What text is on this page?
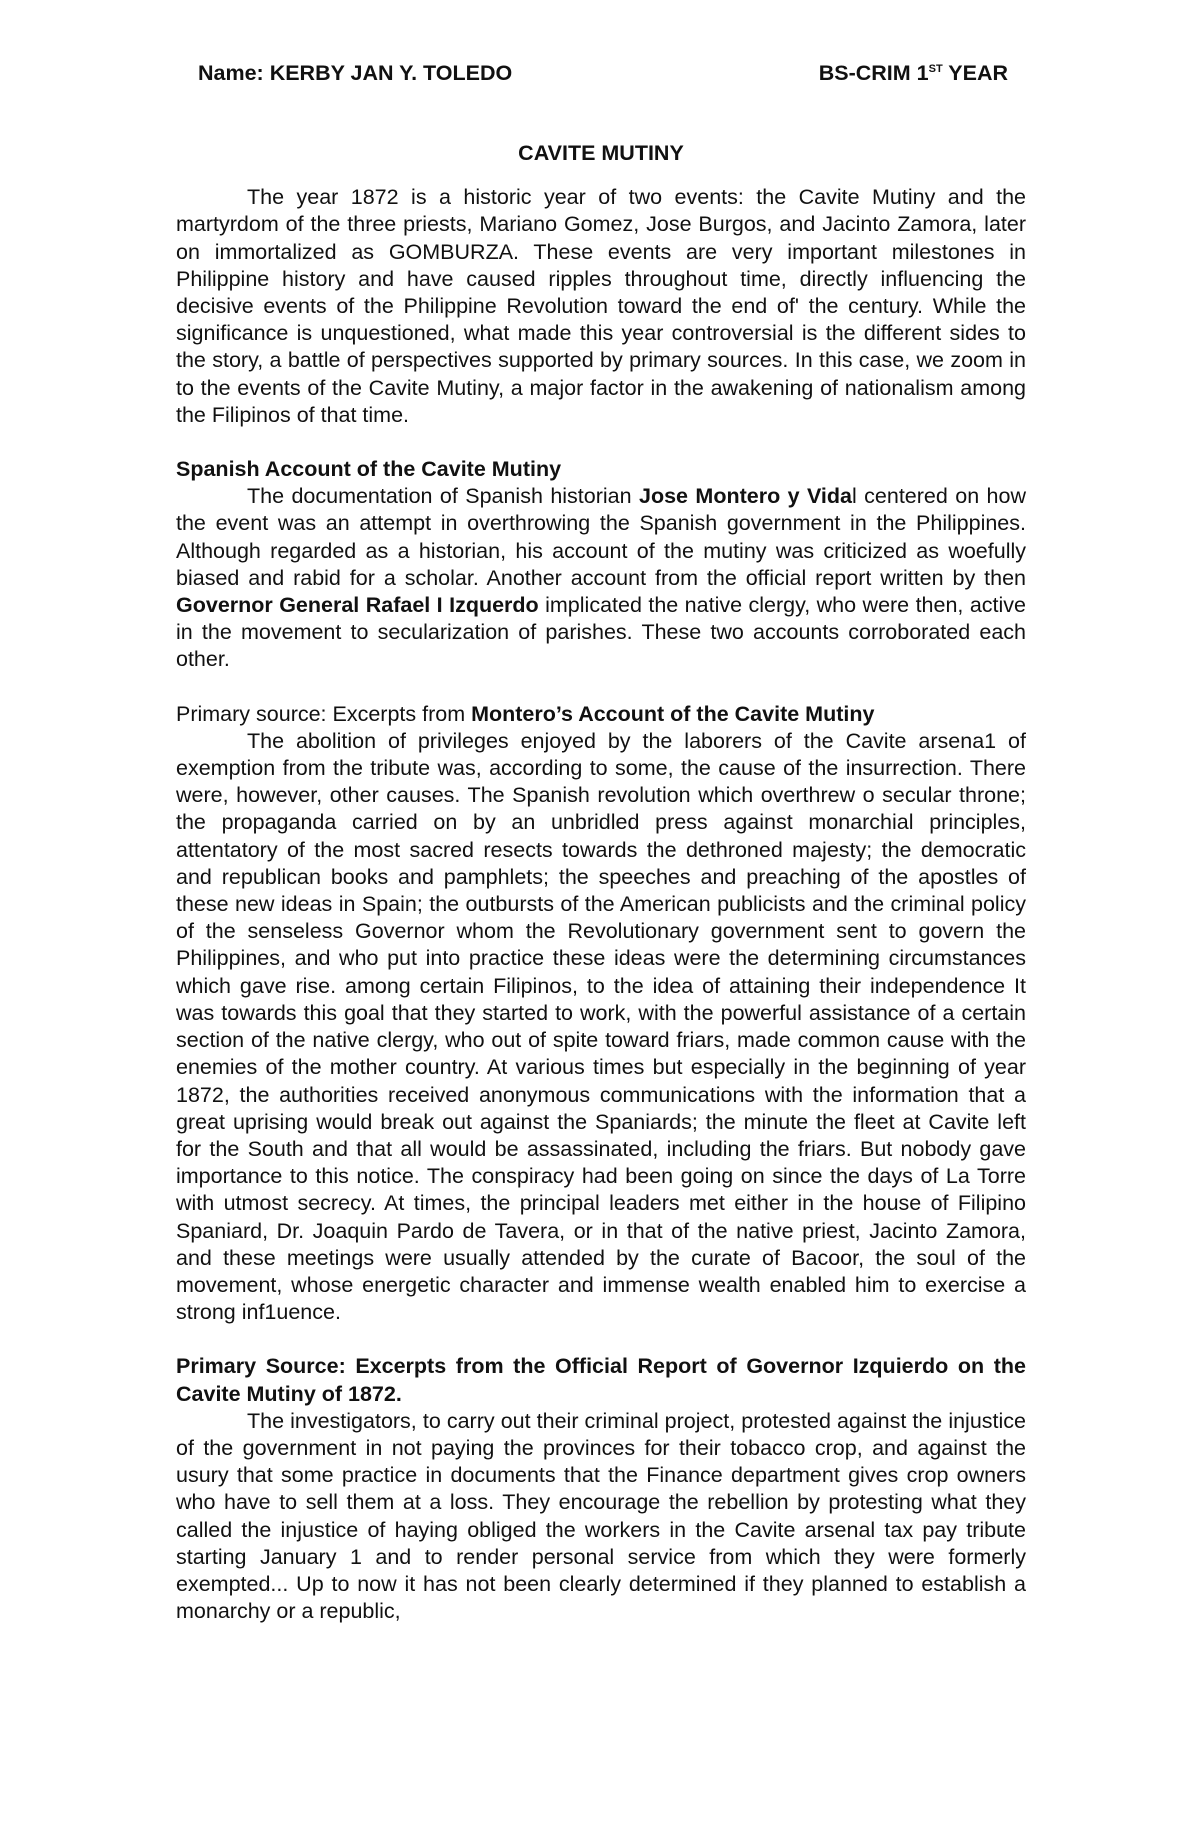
Name: KERBY JAN Y. TOLEDO	BS-CRIM 1ST YEAR
CAVITE MUTINY

The year 1872 is a historic year of two events: the Cavite Mutiny and the martyrdom of the three priests, Mariano Gomez, Jose Burgos, and Jacinto Zamora, later on immortalized as GOMBURZA. These events are very important milestones in Philippine history and have caused ripples throughout time, directly influencing the decisive events of the Philippine Revolution toward the end of' the century. While the significance is unquestioned, what made this year controversial is the different sides to the story, a battle of perspectives supported by primary sources. In this case, we zoom in to the events of the Cavite Mutiny, a major factor in the awakening of nationalism among the Filipinos of that time.

Spanish Account of the Cavite Mutiny

The documentation of Spanish historian Jose Montero y Vidal centered on how the event was an attempt in overthrowing the Spanish government in the Philippines. Although regarded as a historian, his account of the mutiny was criticized as woefully biased and rabid for a scholar. Another account from the official report written by then Governor General Rafael I Izquerdo implicated the native clergy, who were then, active in the movement to secularization of parishes. These two accounts corroborated each other.

Primary source: Excerpts from Montero’s Account of the Cavite Mutiny

The abolition of privileges enjoyed by the laborers of the Cavite arsena1 of exemption from the tribute was, according to some, the cause of the insurrection. There were, however, other causes. The Spanish revolution which overthrew o secular throne; the propaganda carried on by an unbridled press against monarchial principles, attentatory of the most sacred resects towards the dethroned majesty; the democratic and republican books and pamphlets; the speeches and preaching of the apostles of these new ideas in Spain; the outbursts of the American publicists and the criminal policy of the senseless Governor whom the Revolutionary government sent to govern the Philippines, and who put into practice these ideas were the determining circumstances which gave rise. among certain Filipinos, to the idea of attaining their independence It was towards this goal that they started to work, with the powerful assistance of a certain section of the native clergy, who out of spite toward friars, made common cause with the enemies of the mother country. At various times but especially in the beginning of year 1872, the authorities received anonymous communications with the information that a great uprising would break out against the Spaniards; the minute the fleet at Cavite left for the South and that all would be assassinated, including the friars. But nobody gave importance to this notice. The conspiracy had been going on since the days of La Torre with utmost secrecy. At times, the principal leaders met either in the house of Filipino Spaniard, Dr. Joaquin Pardo de Tavera, or in that of the native priest, Jacinto Zamora, and these meetings were usually attended by the curate of Bacoor, the soul of the movement, whose energetic character and immense wealth enabled him to exercise a strong inf1uence.

Primary Source: Excerpts from the Official Report of Governor Izquierdo on the Cavite Mutiny of 1872.

The investigators, to carry out their criminal project, protested against the injustice of the government in not paying the provinces for their tobacco crop, and against the usury that some practice in documents that the Finance department gives crop owners who have to sell them at a loss. They encourage the rebellion by protesting what they called the injustice of haying obliged the workers in the Cavite arsenal tax pay tribute starting January 1 and to render personal service from which they were formerly exempted... Up to now it has not been clearly determined if they planned to establish a monarchy or a republic,
